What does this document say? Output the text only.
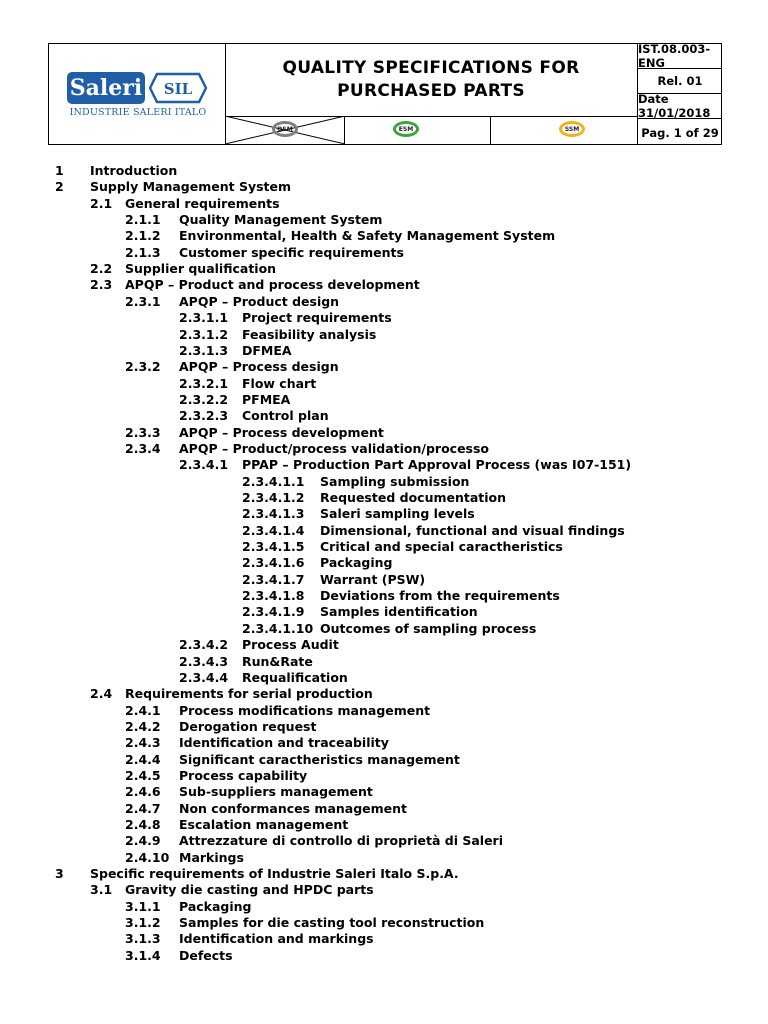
Saleri SIL
INDUSTRIE SALERI ITALO
QUALITY SPECIFICATIONS FOR
PURCHASED PARTS
QSM	ESM	SSM
IST.08.003-ENG
Rel. 01
Date 31/01/2018
Pag. 1 of 29
1 Introduction
2 Supply Management System
2.1 General requirements
2.1.1 Quality Management System
2.1.2 Environmental, Health & Safety Management System
2.1.3 Customer specific requirements
2.2 Supplier qualification
2.3 APQP – Product and process development
2.3.1 APQP – Product design
2.3.1.1 Project requirements
2.3.1.2 Feasibility analysis
2.3.1.3 DFMEA
2.3.2 APQP – Process design
2.3.2.1 Flow chart
2.3.2.2 PFMEA
2.3.2.3 Control plan
2.3.3 APQP – Process development
2.3.4 APQP – Product/process validation/processo
2.3.4.1 PPAP – Production Part Approval Process (was I07-151)
2.3.4.1.1 Sampling submission
2.3.4.1.2 Requested documentation
2.3.4.1.3 Saleri sampling levels
2.3.4.1.4 Dimensional, functional and visual findings
2.3.4.1.5 Critical and special caractheristics
2.3.4.1.6 Packaging
2.3.4.1.7 Warrant (PSW)
2.3.4.1.8 Deviations from the requirements
2.3.4.1.9 Samples identification
2.3.4.1.10 Outcomes of sampling process
2.3.4.2 Process Audit
2.3.4.3 Run&Rate
2.3.4.4 Requalification
2.4 Requirements for serial production
2.4.1 Process modifications management
2.4.2 Derogation request
2.4.3 Identification and traceability
2.4.4 Significant caractheristics management
2.4.5 Process capability
2.4.6 Sub-suppliers management
2.4.7 Non conformances management
2.4.8 Escalation management
2.4.9 Attrezzature di controllo di proprietà di Saleri
2.4.10 Markings
3 Specific requirements of Industrie Saleri Italo S.p.A.
3.1 Gravity die casting and HPDC parts
3.1.1 Packaging
3.1.2 Samples for die casting tool reconstruction
3.1.3 Identification and markings
3.1.4 Defects
